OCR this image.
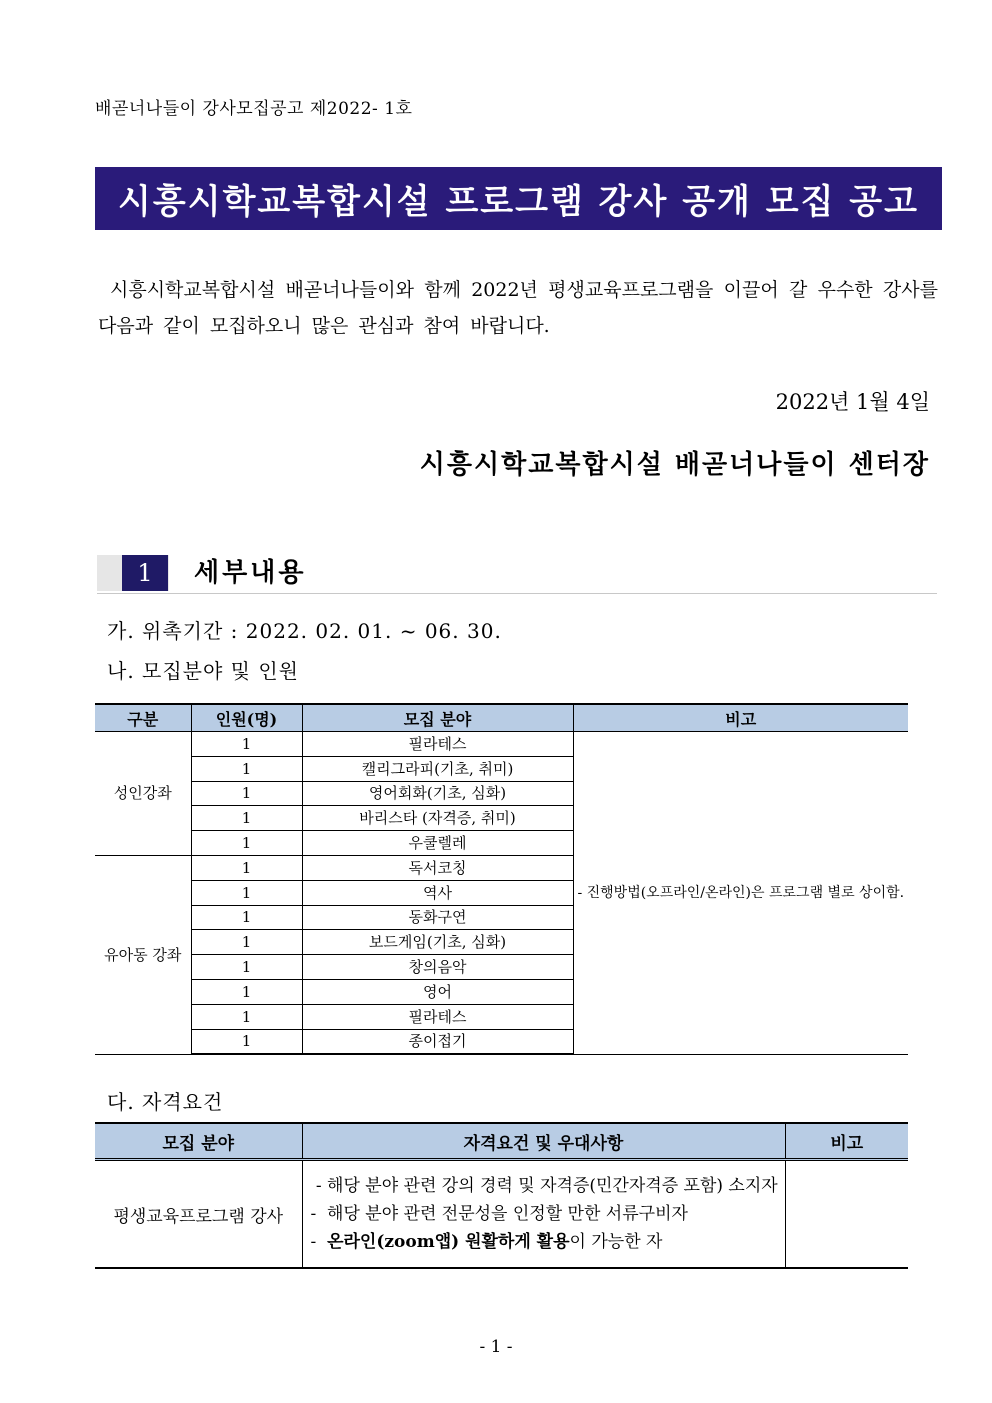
배곧너나들이 강사모집공고 제2022- 1호
시흥시학교복합시설 프로그램 강사 공개 모집 공고
시흥시학교복합시설 배곧너나들이와 함께 2022년 평생교육프로그램을 이끌어 갈 우수한 강사를 다음과 같이 모집하오니 많은 관심과 참여 바랍니다.
2022년 1월 4일
시흥시학교복합시설 배곧너나들이 센터장
1	세부내용
가. 위촉기간 : 2022. 02. 01. ~ 06. 30.
나. 모집분야 및 인원
구분	인원(명)	모집 분야	비고
성인강좌	1	필라테스	- 진행방법(오프라인/온라인)은 프로그램 별로 상이함.
	1	캘리그라피(기초, 취미)	
	1	영어회화(기초, 심화)	
	1	바리스타 (자격증, 취미)	
	1	우쿨렐레	
유아동 강좌	1	독서코칭	
	1	역사	
	1	동화구연	
	1	보드게임(기초, 심화)	
	1	창의음악	
	1	영어	
	1	필라테스	
	1	종이접기	
다. 자격요건
모집 분야	자격요건 및 우대사항	비고
평생교육프로그램 강사	- 해당 분야 관련 강의 경력 및 자격증(민간자격증 포함) 소지자
-  해당 분야 관련 전문성을 인정할 만한 서류구비자
-  온라인(zoom앱) 원활하게 활용이 가능한 자	

- 1 -
